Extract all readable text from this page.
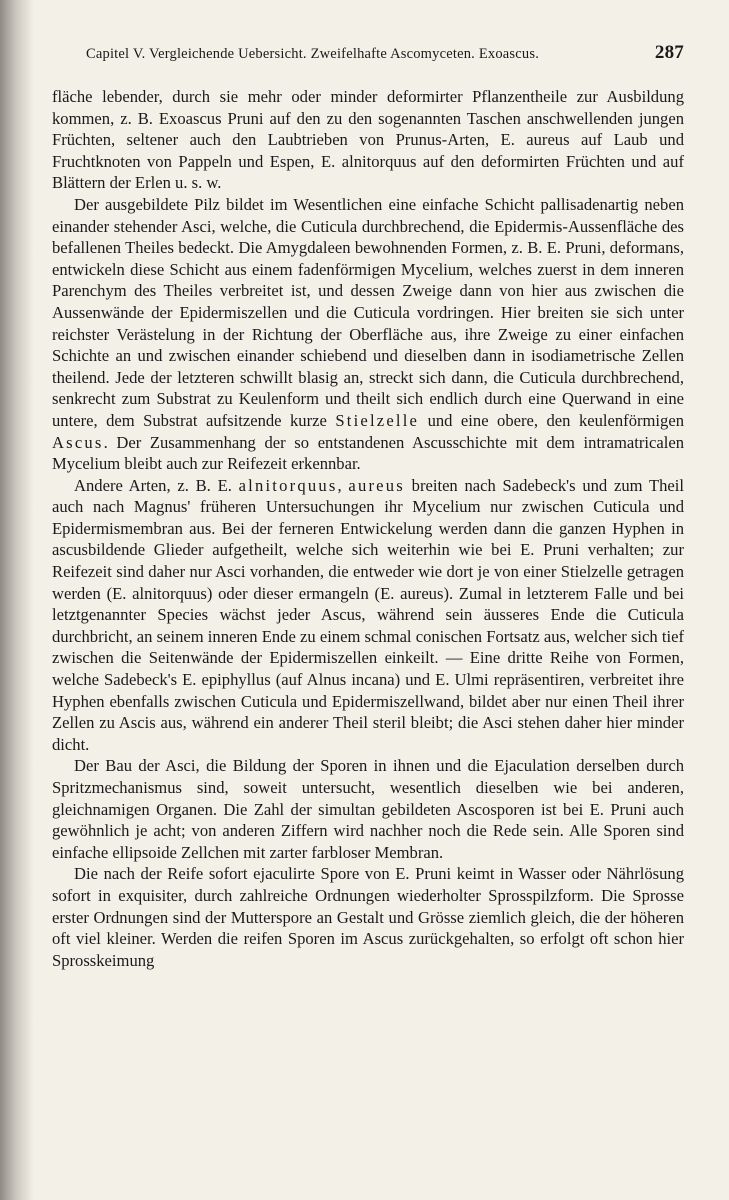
Capitel V. Vergleichende Uebersicht. Zweifelhafte Ascomyceten. Exoascus.	287

fläche lebender, durch sie mehr oder minder deformirter Pflanzentheile zur Ausbildung kommen, z. B. Exoascus Pruni auf den zu den sogenannten Taschen anschwellenden jungen Früchten, seltener auch den Laubtrieben von Prunus-Arten, E. aureus auf Laub und Fruchtknoten von Pappeln und Espen, E. alnitorquus auf den deformirten Früchten und auf Blättern der Erlen u. s. w.

Der ausgebildete Pilz bildet im Wesentlichen eine einfache Schicht pallisadenartig neben einander stehender Asci, welche, die Cuticula durchbrechend, die Epidermis-Aussenfläche des befallenen Theiles bedeckt. Die Amygdaleen bewohnenden Formen, z. B. E. Pruni, deformans, entwickeln diese Schicht aus einem fadenförmigen Mycelium, welches zuerst in dem inneren Parenchym des Theiles verbreitet ist, und dessen Zweige dann von hier aus zwischen die Aussenwände der Epidermiszellen und die Cuticula vordringen. Hier breiten sie sich unter reichster Verästelung in der Richtung der Oberfläche aus, ihre Zweige zu einer einfachen Schichte an und zwischen einander schiebend und dieselben dann in isodiametrische Zellen theilend. Jede der letzteren schwillt blasig an, streckt sich dann, die Cuticula durchbrechend, senkrecht zum Substrat zu Keulenform und theilt sich endlich durch eine Querwand in eine untere, dem Substrat aufsitzende kurze Stielzelle und eine obere, den keulenförmigen Ascus. Der Zusammenhang der so entstandenen Ascusschichte mit dem intramatricalen Mycelium bleibt auch zur Reifezeit erkennbar.

Andere Arten, z. B. E. alnitorquus, aureus breiten nach Sadebeck's und zum Theil auch nach Magnus' früheren Untersuchungen ihr Mycelium nur zwischen Cuticula und Epidermismembran aus. Bei der ferneren Entwickelung werden dann die ganzen Hyphen in ascusbildende Glieder aufgetheilt, welche sich weiterhin wie bei E. Pruni verhalten; zur Reifezeit sind daher nur Asci vorhanden, die entweder wie dort je von einer Stielzelle getragen werden (E. alnitorquus) oder dieser ermangeln (E. aureus). Zumal in letzterem Falle und bei letztgenannter Species wächst jeder Ascus, während sein äusseres Ende die Cuticula durchbricht, an seinem inneren Ende zu einem schmal conischen Fortsatz aus, welcher sich tief zwischen die Seitenwände der Epidermiszellen einkeilt. — Eine dritte Reihe von Formen, welche Sadebeck's E. epiphyllus (auf Alnus incana) und E. Ulmi repräsentiren, verbreitet ihre Hyphen ebenfalls zwischen Cuticula und Epidermiszellwand, bildet aber nur einen Theil ihrer Zellen zu Ascis aus, während ein anderer Theil steril bleibt; die Asci stehen daher hier minder dicht.

Der Bau der Asci, die Bildung der Sporen in ihnen und die Ejaculation derselben durch Spritzmechanismus sind, soweit untersucht, wesentlich dieselben wie bei anderen, gleichnamigen Organen. Die Zahl der simultan gebildeten Ascosporen ist bei E. Pruni auch gewöhnlich je acht; von anderen Ziffern wird nachher noch die Rede sein. Alle Sporen sind einfache ellipsoide Zellchen mit zarter farbloser Membran.

Die nach der Reife sofort ejaculirte Spore von E. Pruni keimt in Wasser oder Nährlösung sofort in exquisiter, durch zahlreiche Ordnungen wiederholter Sprosspilzform. Die Sprosse erster Ordnungen sind der Mutterspore an Gestalt und Grösse ziemlich gleich, die der höheren oft viel kleiner. Werden die reifen Sporen im Ascus zurückgehalten, so erfolgt oft schon hier Sprosskeimung
